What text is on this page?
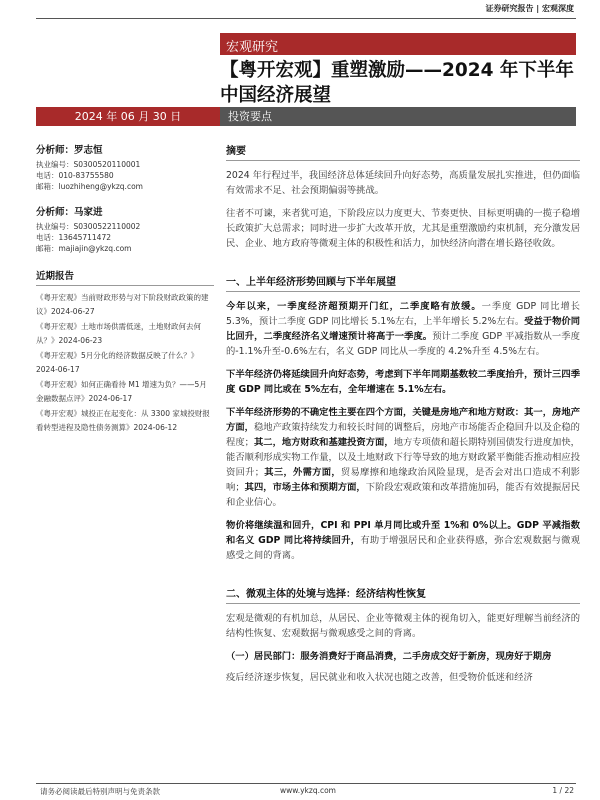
证券研究报告 | 宏观深度
宏观研究
【粤开宏观】重塑激励——2024 年下半年中国经济展望
2024 年 06 月 30 日	投资要点
分析师：罗志恒
执业编号：S0300520110001
电话：010-83755580
邮箱：luozhiheng@ykzq.com
分析师：马家进
执业编号：S0300522110002
电话：13645711472
邮箱：majiajin@ykzq.com
近期报告
《粤开宏观》当前财政形势与对下阶段财政政策的建议》2024-06-27
《粤开宏观》土地市场供需低迷，土地财政何去何从？》2024-06-23
《粤开宏观》5月分化的经济数据反映了什么？》2024-06-17
《粤开宏观》如何正确看待 M1 增速为负？——5月金融数据点评》2024-06-17
《粤开宏观》城投正在起变化：从 3300 家城投财报看转型进程及隐性债务测算》2024-06-12
摘要

2024 年行程过半，我国经济总体延续回升向好态势，高质量发展扎实推进，但仍面临有效需求不足、社会预期偏弱等挑战。

往者不可谏，来者犹可追，下阶段应以力度更大、节奏更快、目标更明确的一揽子稳增长政策扩大总需求；同时进一步扩大改革开放，尤其是重塑激励约束机制，充分激发居民、企业、地方政府等微观主体的积极性和活力，加快经济向潜在增长路径收敛。

一、上半年经济形势回顾与下半年展望

今年以来，一季度经济超预期开门红，二季度略有放缓。一季度 GDP 同比增长 5.3%，预计二季度 GDP 同比增长 5.1%左右，上半年增长 5.2%左右。受益于物价同比回升，二季度经济名义增速预计将高于一季度。预计二季度 GDP 平减指数从一季度的-1.1%升至-0.6%左右，名义 GDP 同比从一季度的 4.2%升至 4.5%左右。

下半年经济仍将延续回升向好态势，考虑到下半年同期基数较二季度抬升，预计三四季度 GDP 同比或在 5%左右，全年增速在 5.1%左右。

下半年经济形势的不确定性主要在四个方面，关键是房地产和地方财政：其一，房地产方面，稳地产政策持续发力和较长时间的调整后，房地产市场能否企稳回升以及企稳的程度；其二，地方财政和基建投资方面，地方专项债和超长期特别国债发行进度加快，能否顺利形成实物工作量，以及土地财政下行等导致的地方财政紧平衡能否推动相应投资回升；其三，外需方面，贸易摩擦和地缘政治风险显现，是否会对出口造成不利影响；其四，市场主体和预期方面，下阶段宏观政策和改革措施加码，能否有效提振居民和企业信心。

物价将继续温和回升，CPI 和 PPI 单月同比或升至 1%和 0%以上。GDP 平减指数和名义 GDP 同比将持续回升，有助于增强居民和企业获得感，弥合宏观数据与微观感受之间的背离。

二、微观主体的处境与选择：经济结构性恢复

宏观是微观的有机加总，从居民、企业等微观主体的视角切入，能更好理解当前经济的结构性恢复、宏观数据与微观感受之间的背离。

（一）居民部门：服务消费好于商品消费，二手房成交好于新房，现房好于期房

疫后经济逐步恢复，居民就业和收入状况也随之改善，但受物价低迷和经济

请务必阅读最后特别声明与免责条款	www.ykzq.com	1 / 22
